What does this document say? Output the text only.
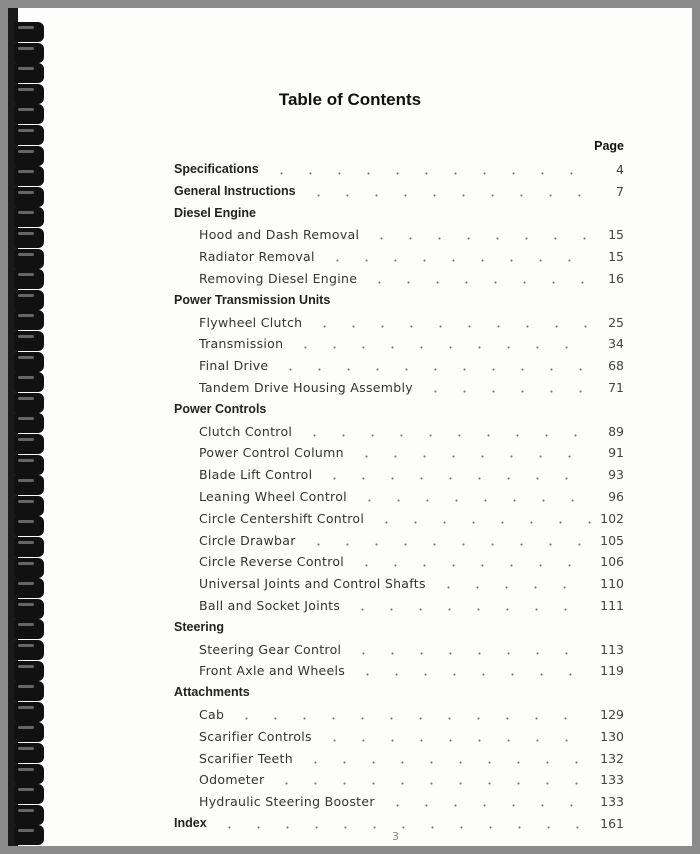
Table of Contents
Page
Specifications	4
General Instructions	7
Diesel Engine
Hood and Dash Removal	15
Radiator Removal	15
Removing Diesel Engine	16
Power Transmission Units
Flywheel Clutch	25
Transmission	34
Final Drive	68
Tandem Drive Housing Assembly	71
Power Controls
Clutch Control	89
Power Control Column	91
Blade Lift Control	93
Leaning Wheel Control	96
Circle Centershift Control	102
Circle Drawbar	105
Circle Reverse Control	106
Universal Joints and Control Shafts	110
Ball and Socket Joints	111
Steering
Steering Gear Control	113
Front Axle and Wheels	119
Attachments
Cab	129
Scarifier Controls	130
Scarifier Teeth	132
Odometer	133
Hydraulic Steering Booster	133
Index	161
3
